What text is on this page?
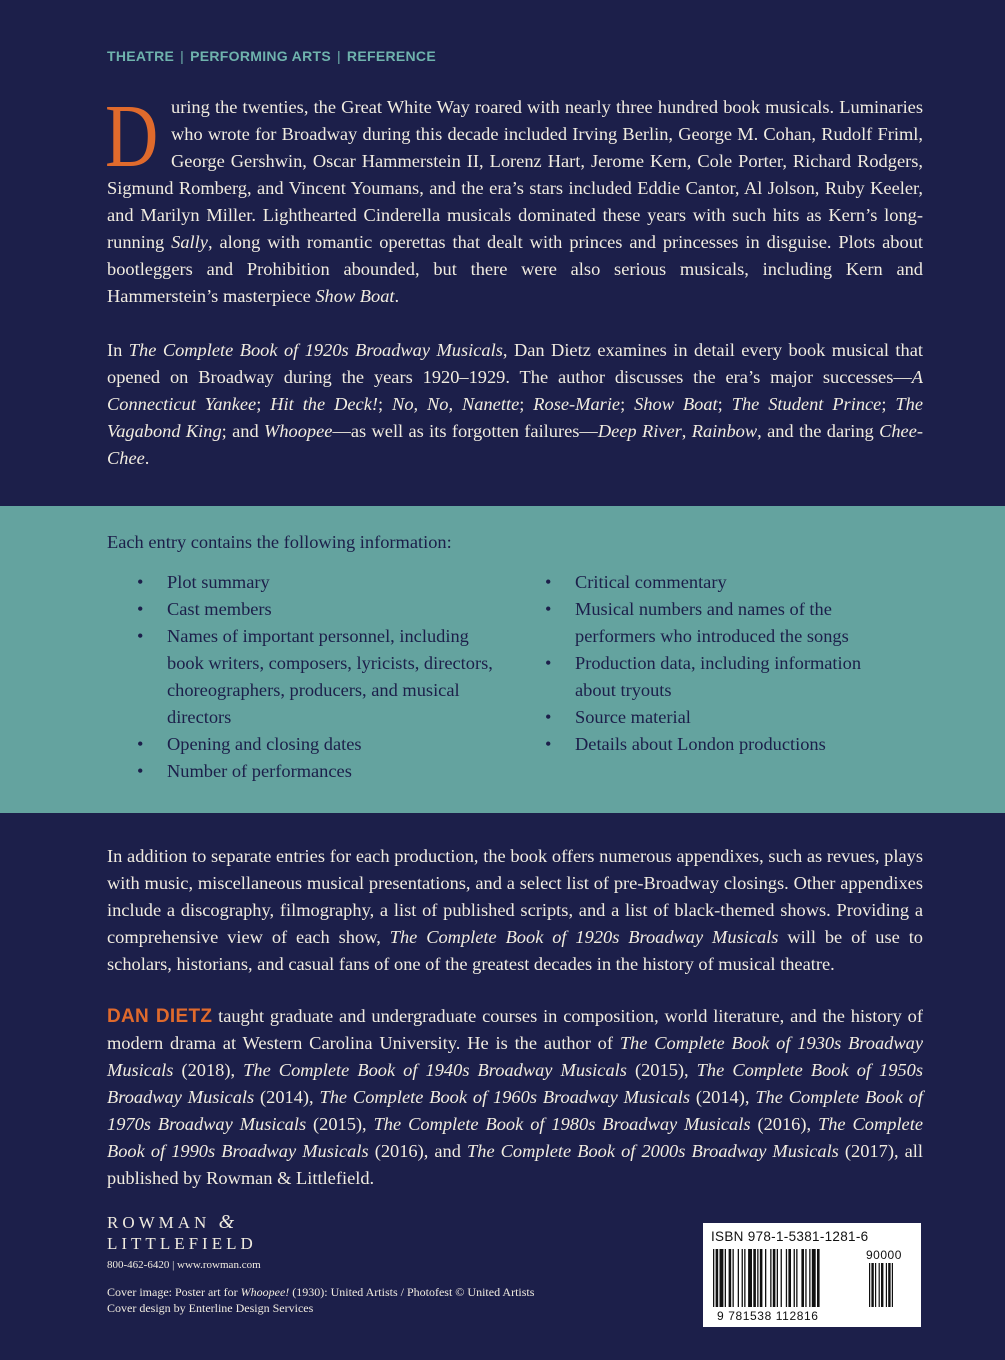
THEATRE | PERFORMING ARTS | REFERENCE

During the twenties, the Great White Way roared with nearly three hundred book musicals. Luminaries who wrote for Broadway during this decade included Irving Berlin, George M. Cohan, Rudolf Friml, George Gershwin, Oscar Hammerstein II, Lorenz Hart, Jerome Kern, Cole Porter, Richard Rodgers, Sigmund Romberg, and Vincent Youmans, and the era’s stars included Eddie Cantor, Al Jolson, Ruby Keeler, and Marilyn Miller. Lighthearted Cinderella musicals dominated these years with such hits as Kern’s long-running Sally, along with romantic operettas that dealt with princes and princesses in disguise. Plots about bootleggers and Prohibition abounded, but there were also serious musicals, including Kern and Hammerstein’s masterpiece Show Boat.

In The Complete Book of 1920s Broadway Musicals, Dan Dietz examines in detail every book musical that opened on Broadway during the years 1920–1929. The author discusses the era’s major successes—A Connecticut Yankee; Hit the Deck!; No, No, Nanette; Rose-Marie; Show Boat; The Student Prince; The Vagabond King; and Whoopee—as well as its forgotten failures—Deep River, Rainbow, and the daring Chee-Chee.

Each entry contains the following information:

• Plot summary
• Cast members
• Names of important personnel, including book writers, composers, lyricists, directors, choreographers, producers, and musical directors
• Opening and closing dates
• Number of performances
• Critical commentary
• Musical numbers and names of the performers who introduced the songs
• Production data, including information about tryouts
• Source material
• Details about London productions

In addition to separate entries for each production, the book offers numerous appendixes, such as revues, plays with music, miscellaneous musical presentations, and a select list of pre-Broadway closings. Other appendixes include a discography, filmography, a list of published scripts, and a list of black-themed shows. Providing a comprehensive view of each show, The Complete Book of 1920s Broadway Musicals will be of use to scholars, historians, and casual fans of one of the greatest decades in the history of musical theatre.

DAN DIETZ taught graduate and undergraduate courses in composition, world literature, and the history of modern drama at Western Carolina University. He is the author of The Complete Book of 1930s Broadway Musicals (2018), The Complete Book of 1940s Broadway Musicals (2015), The Complete Book of 1950s Broadway Musicals (2014), The Complete Book of 1960s Broadway Musicals (2014), The Complete Book of 1970s Broadway Musicals (2015), The Complete Book of 1980s Broadway Musicals (2016), The Complete Book of 1990s Broadway Musicals (2016), and The Complete Book of 2000s Broadway Musicals (2017), all published by Rowman & Littlefield.

ROWMAN &
LITTLEFIELD
800-462-6420 | www.rowman.com
Cover image: Poster art for Whoopee! (1930): United Artists / Photofest © United Artists
Cover design by Enterline Design Services
ISBN 978-1-5381-1281-6
90000
9 781538 112816
